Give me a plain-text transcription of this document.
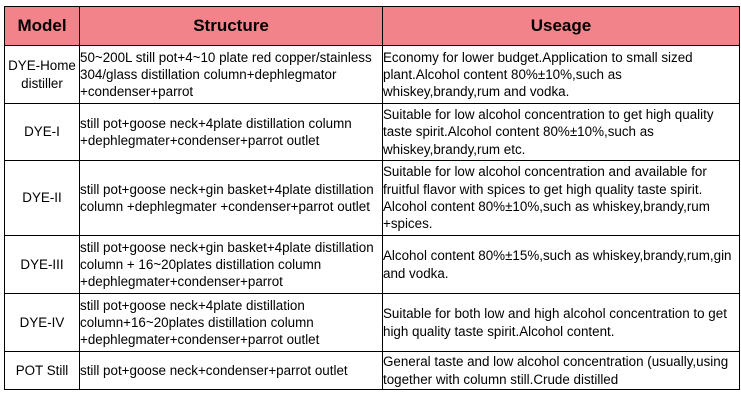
Model	Structure	Useage
DYE-Home distiller	50~200L still pot+4~10 plate red copper/stainless 304/glass distillation column+dephlegmator +condenser+parrot	Economy for lower budget.Application to small sized plant.Alcohol content 80%±10%,such as whiskey,brandy,rum and vodka.
DYE-I	still pot+goose neck+4plate distillation column +dephlegmater+condenser+parrot outlet	Suitable for low alcohol concentration to get high quality taste spirit.Alcohol content 80%±10%,such as whiskey,brandy,rum etc.
DYE-II	still pot+goose neck+gin basket+4plate distillation column +dephlegmater +condenser+parrot outlet	Suitable for low alcohol concentration and available for fruitful flavor with spices to get high quality taste spirit. Alcohol content 80%±10%,such as whiskey,brandy,rum +spices.
DYE-III	still pot+goose neck+gin basket+4plate distillation column + 16~20plates distillation column +dephlegmater+condenser+parrot	Alcohol content 80%±15%,such as whiskey,brandy,rum,gin and vodka.
DYE-IV	still pot+goose neck+4plate distillation column+16~20plates distillation column +dephlegmater+condenser+parrot outlet	Suitable for both low and high alcohol concentration to get high quality taste spirit.Alcohol content.
POT Still	still pot+goose neck+condenser+parrot outlet	General taste and low alcohol concentration (usually,using together with column still.Crude distilled
